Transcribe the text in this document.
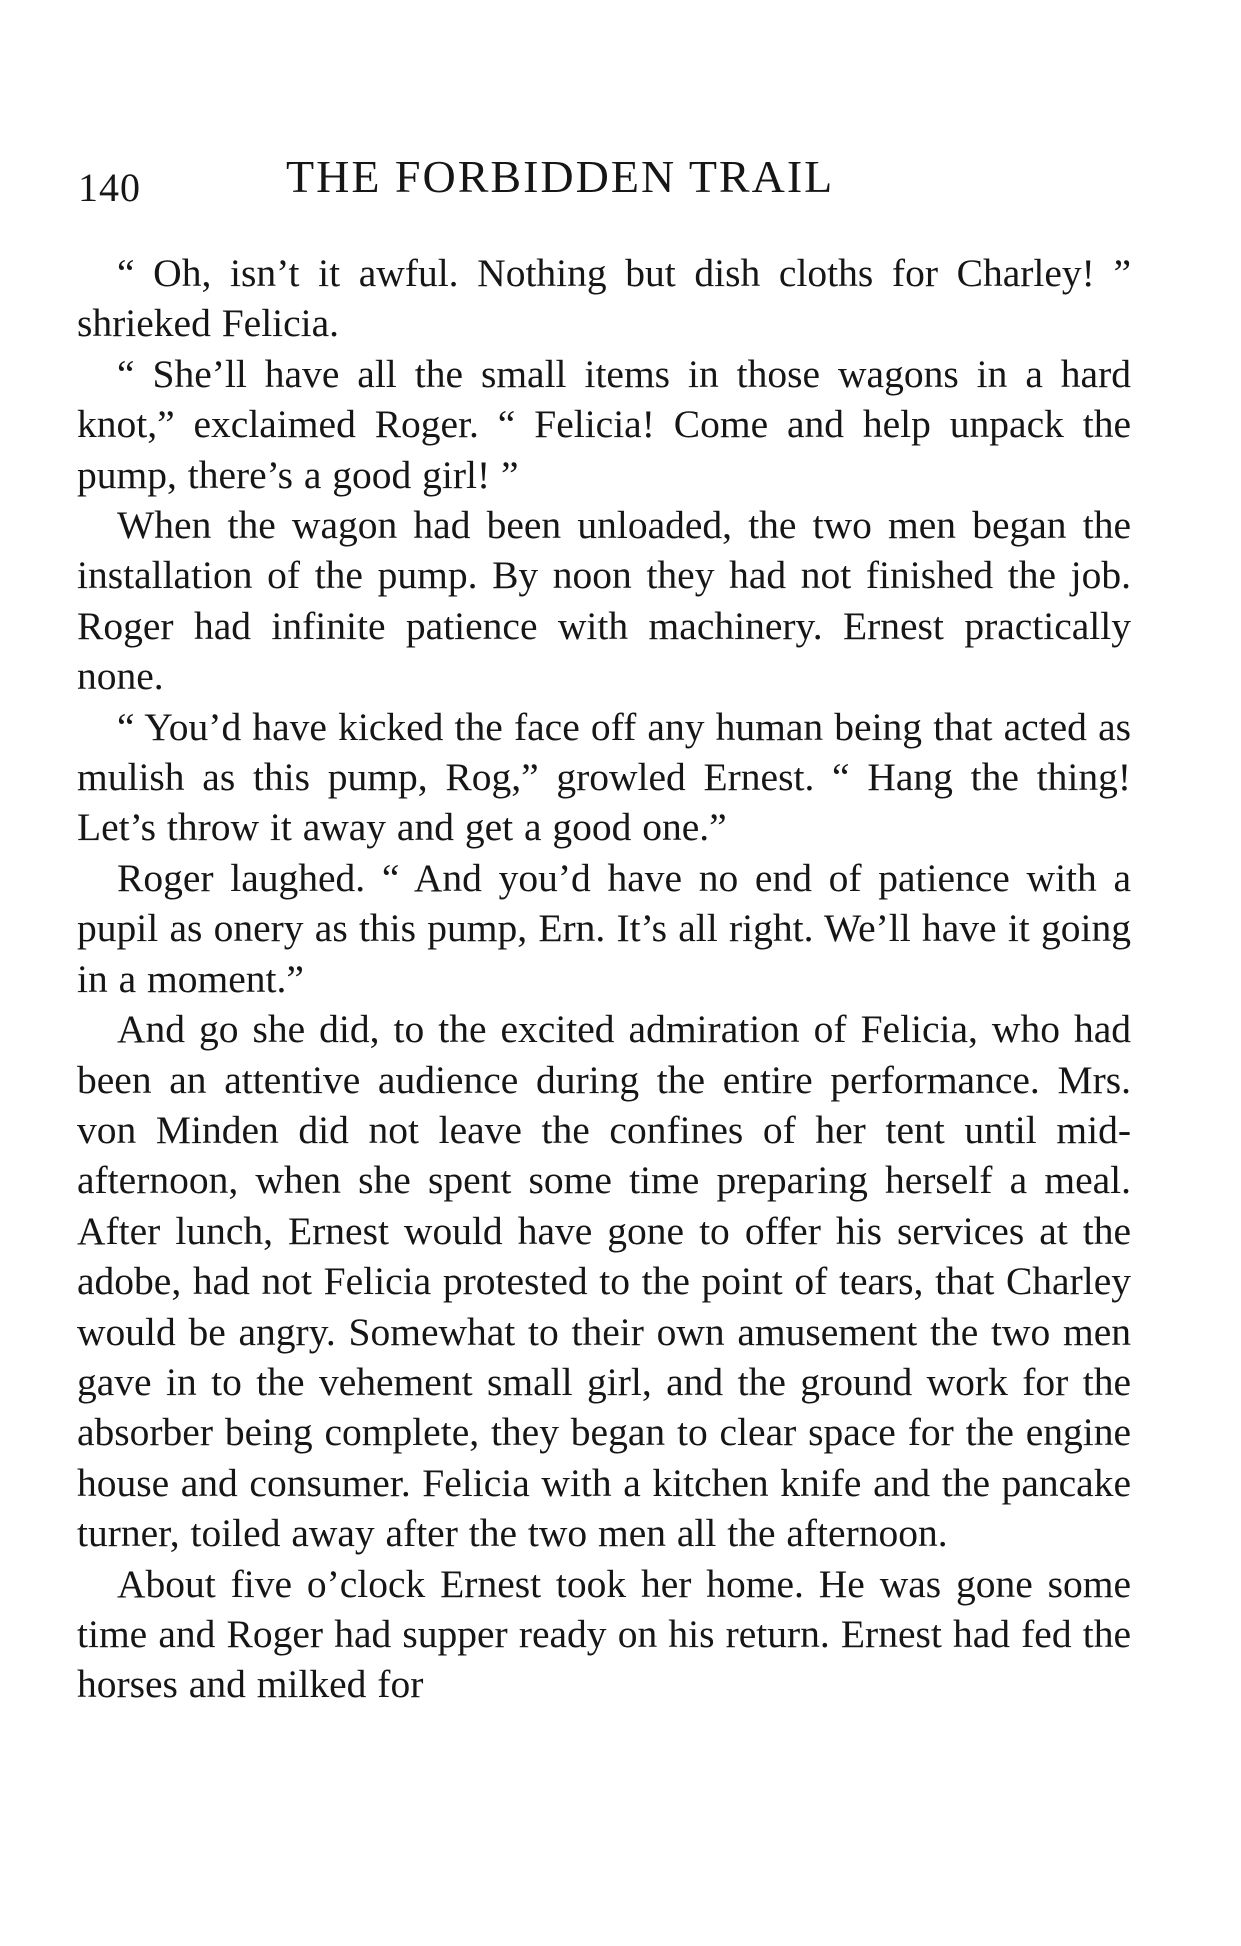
140	THE FORBIDDEN TRAIL

“ Oh, isn’t it awful. Nothing but dish cloths for Charley! ” shrieked Felicia.

“ She’ll have all the small items in those wagons in a hard knot,” exclaimed Roger. “ Felicia! Come and help unpack the pump, there’s a good girl! ”

When the wagon had been unloaded, the two men began the installation of the pump. By noon they had not finished the job. Roger had infinite patience with machinery. Ernest practically none.

“ You’d have kicked the face off any human being that acted as mulish as this pump, Rog,” growled Ernest. “ Hang the thing! Let’s throw it away and get a good one.”

Roger laughed. “ And you’d have no end of patience with a pupil as onery as this pump, Ern. It’s all right. We’ll have it going in a moment.”

And go she did, to the excited admiration of Felicia, who had been an attentive audience during the entire performance. Mrs. von Minden did not leave the confines of her tent until mid-afternoon, when she spent some time preparing herself a meal. After lunch, Ernest would have gone to offer his services at the adobe, had not Felicia protested to the point of tears, that Charley would be angry. Somewhat to their own amusement the two men gave in to the vehement small girl, and the ground work for the absorber being complete, they began to clear space for the engine house and consumer. Felicia with a kitchen knife and the pancake turner, toiled away after the two men all the afternoon.

About five o’clock Ernest took her home. He was gone some time and Roger had supper ready on his return. Ernest had fed the horses and milked for
